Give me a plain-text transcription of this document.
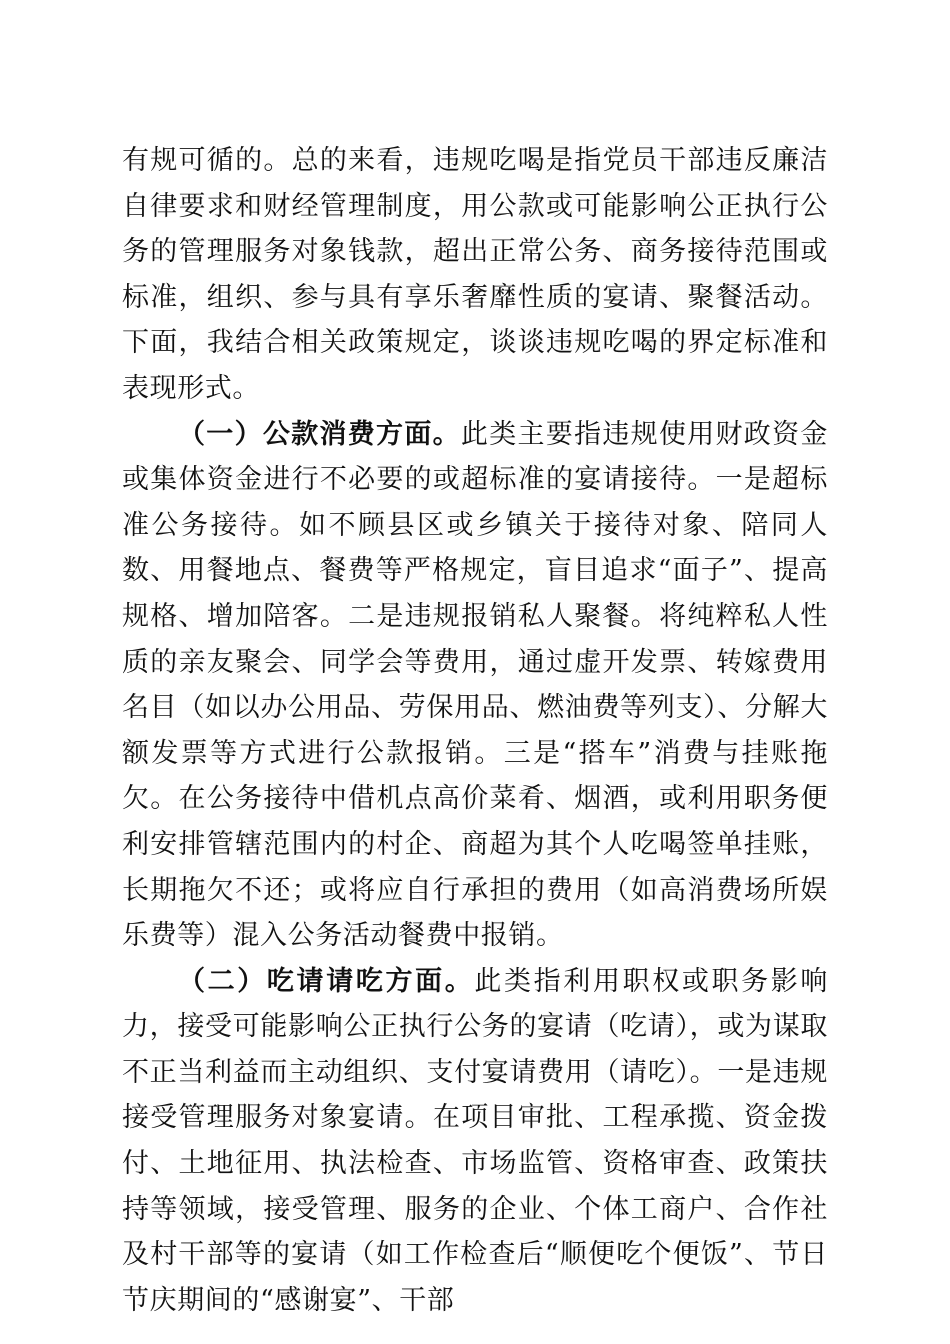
有规可循的。总的来看，违规吃喝是指党员干部违反廉洁自律要求和财经管理制度，用公款或可能影响公正执行公务的管理服务对象钱款，超出正常公务、商务接待范围或标准，组织、参与具有享乐奢靡性质的宴请、聚餐活动。下面，我结合相关政策规定，谈谈违规吃喝的界定标准和表现形式。

（一）公款消费方面。此类主要指违规使用财政资金或集体资金进行不必要的或超标准的宴请接待。一是超标准公务接待。如不顾县区或乡镇关于接待对象、陪同人数、用餐地点、餐费等严格规定，盲目追求“面子”、提高规格、增加陪客。二是违规报销私人聚餐。将纯粹私人性质的亲友聚会、同学会等费用，通过虚开发票、转嫁费用名目（如以办公用品、劳保用品、燃油费等列支）、分解大额发票等方式进行公款报销。三是“搭车”消费与挂账拖欠。在公务接待中借机点高价菜肴、烟酒，或利用职务便利安排管辖范围内的村企、商超为其个人吃喝签单挂账，长期拖欠不还；或将应自行承担的费用（如高消费场所娱乐费等）混入公务活动餐费中报销。

（二）吃请请吃方面。此类指利用职权或职务影响力，接受可能影响公正执行公务的宴请（吃请），或为谋取不正当利益而主动组织、支付宴请费用（请吃）。一是违规接受管理服务对象宴请。在项目审批、工程承揽、资金拨付、土地征用、执法检查、市场监管、资格审查、政策扶持等领域，接受管理、服务的企业、个体工商户、合作社及村干部等的宴请（如工作检查后“顺便吃个便饭”、节日节庆期间的“感谢宴”、干部
